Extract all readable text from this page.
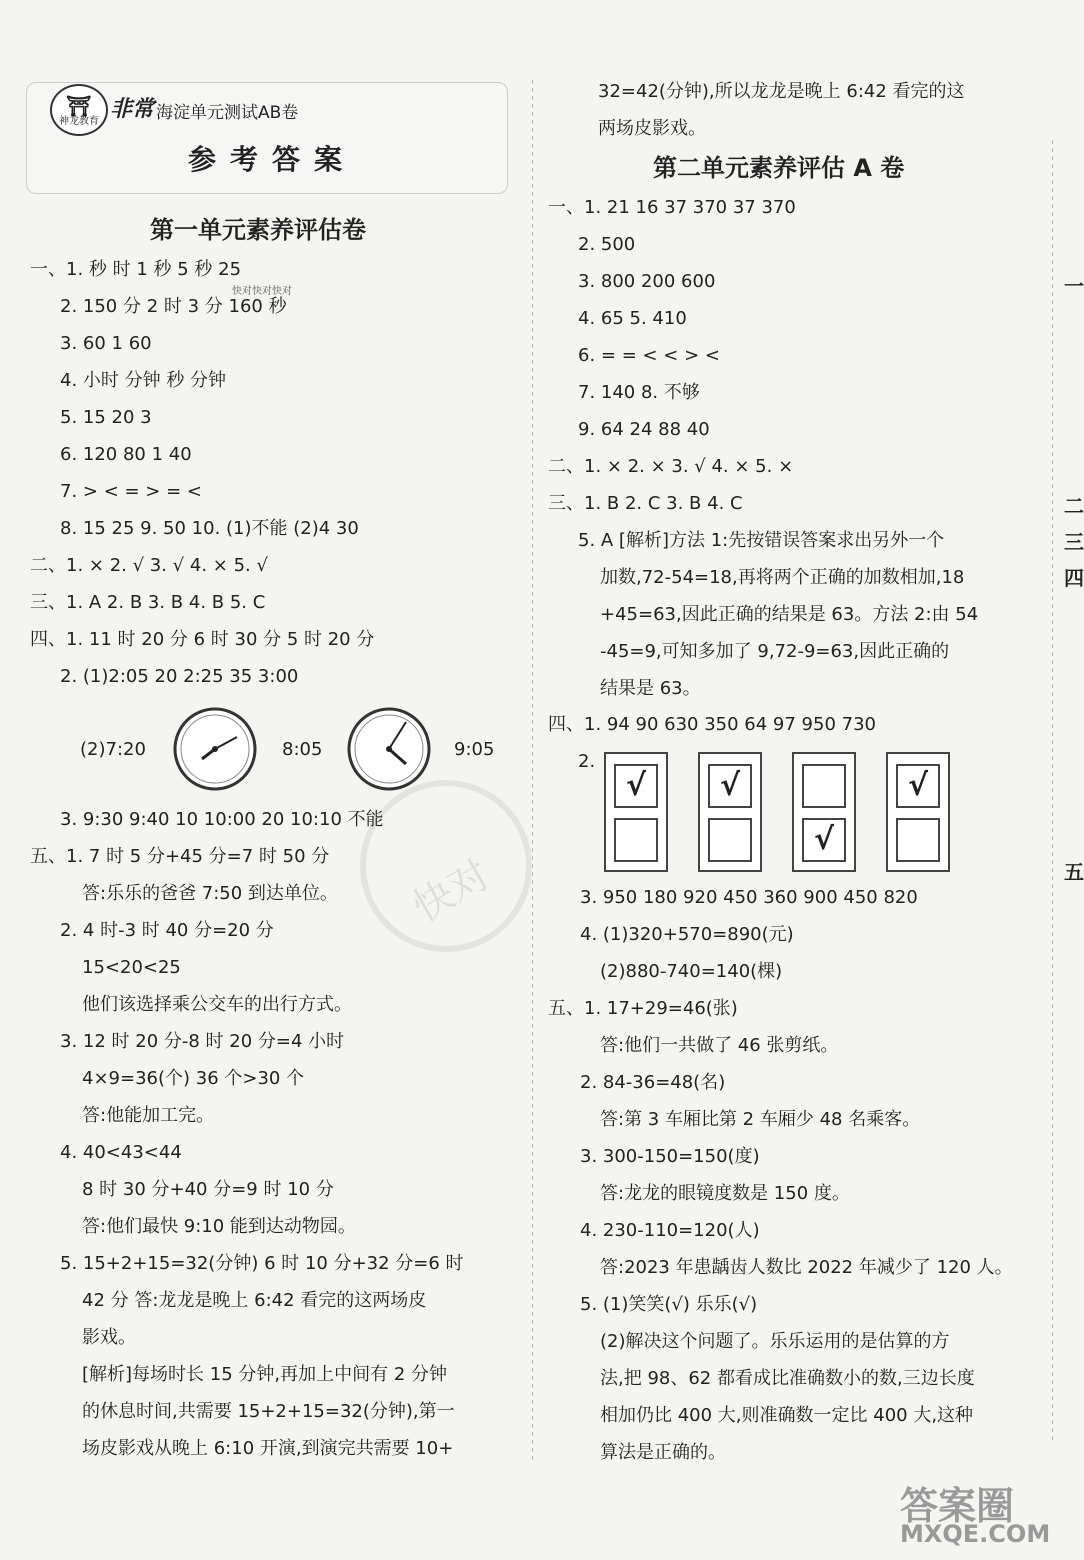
⛩
神龙教育 非常 海淀单元测试AB卷
参考答案
快对
快对快对快对
第一单元素养评估卷
一、1. 秒 时 1 秒 5 秒 25
2. 150 分 2 时 3 分 160 秒
3. 60 1 60
4. 小时 分钟 秒 分钟
5. 15 20 3
6. 120 80 1 40
7. > < = > = <
8. 15 25 9. 50 10. (1)不能 (2)4 30
二、1. × 2. √ 3. √ 4. × 5. √
三、1. A 2. B 3. B 4. B 5. C
四、1. 11 时 20 分 6 时 30 分 5 时 20 分
2. (1)2:05 20 2:25 35 3:00
(2)7:20	8:05	9:05
3. 9:30 9:40 10 10:00 20 10:10 不能
五、1. 7 时 5 分+45 分=7 时 50 分
答:乐乐的爸爸 7:50 到达单位。
2. 4 时-3 时 40 分=20 分
15<20<25
他们该选择乘公交车的出行方式。
3. 12 时 20 分-8 时 20 分=4 小时
4×9=36(个) 36 个>30 个
答:他能加工完。
4. 40<43<44
8 时 30 分+40 分=9 时 10 分
答:他们最快 9:10 能到达动物园。
5. 15+2+15=32(分钟) 6 时 10 分+32 分=6 时
42 分 答:龙龙是晚上 6:42 看完的这两场皮
影戏。
[解析]每场时长 15 分钟,再加上中间有 2 分钟
的休息时间,共需要 15+2+15=32(分钟),第一
场皮影戏从晚上 6:10 开演,到演完共需要 10+
32=42(分钟),所以龙龙是晚上 6:42 看完的这
两场皮影戏。
第二单元素养评估 A 卷
一、1. 21 16 37 370 37 370
2. 500
3. 800 200 600
4. 65 5. 410
6. = = < < > <
7. 140 8. 不够
9. 64 24 88 40
二、1. × 2. × 3. √ 4. × 5. ×
三、1. B 2. C 3. B 4. C
5. A [解析]方法 1:先按错误答案求出另外一个
加数,72-54=18,再将两个正确的加数相加,18
+45=63,因此正确的结果是 63。方法 2:由 54
-45=9,可知多加了 9,72-9=63,因此正确的
结果是 63。
四、1. 94 90 630 350 64 97 950 730
2.
√	√
√
√
3. 950 180 920 450 360 900 450 820
4. (1)320+570=890(元)
(2)880-740=140(棵)
五、1. 17+29=46(张)
答:他们一共做了 46 张剪纸。
2. 84-36=48(名)
答:第 3 车厢比第 2 车厢少 48 名乘客。
3. 300-150=150(度)
答:龙龙的眼镜度数是 150 度。
4. 230-110=120(人)
答:2023 年患龋齿人数比 2022 年减少了 120 人。
5. (1)笑笑(√) 乐乐(√)
(2)解决这个问题了。乐乐运用的是估算的方
法,把 98、62 都看成比准确数小的数,三边长度
相加仍比 400 大,则准确数一定比 400 大,这种
算法是正确的。
一
二
三
四
五
答案圈
MXQE.COM
